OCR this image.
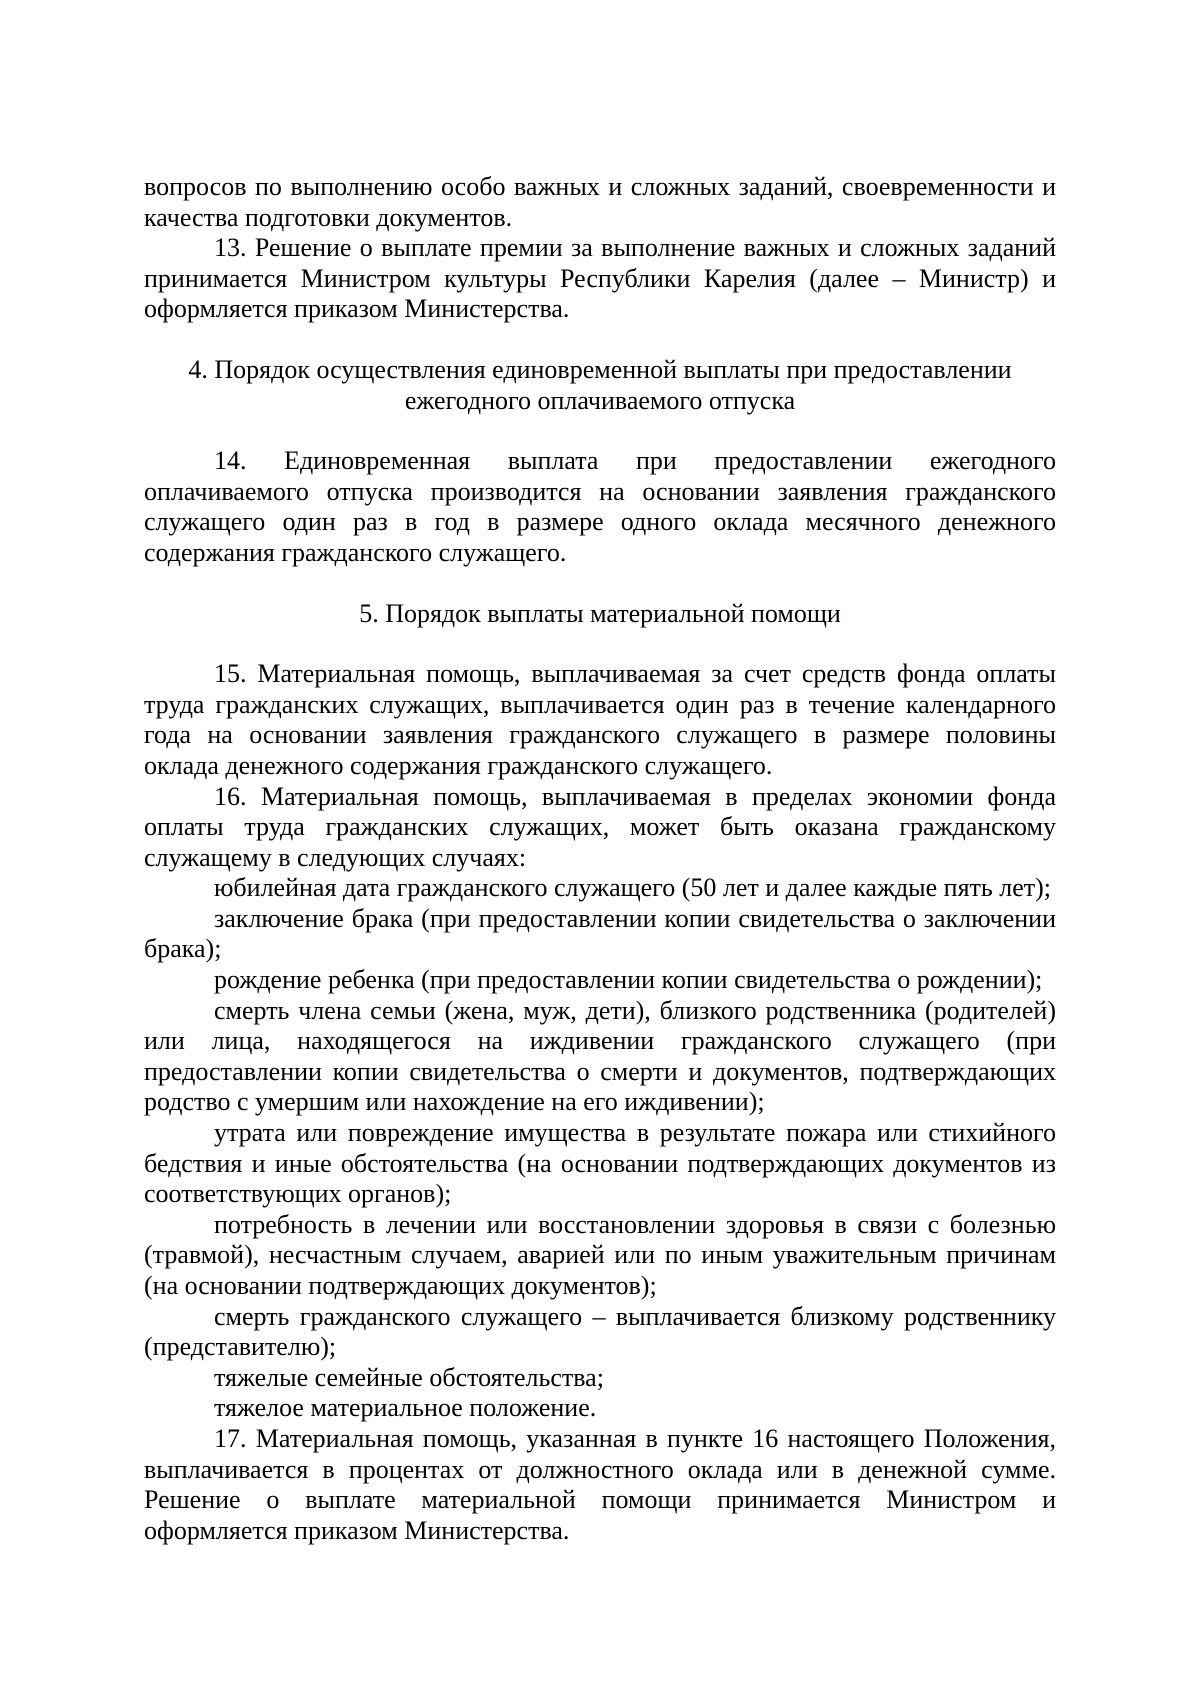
вопросов по выполнению особо важных и сложных заданий, своевременности и качества подготовки документов.

13. Решение о выплате премии за выполнение важных и сложных заданий принимается Министром культуры Республики Карелия (далее – Министр) и оформляется приказом Министерства.

4. Порядок осуществления единовременной выплаты при предоставлении
ежегодного оплачиваемого отпуска

14. Единовременная выплата при предоставлении ежегодного оплачиваемого отпуска производится на основании заявления гражданского служащего один раз в год в размере одного оклада месячного денежного содержания гражданского служащего.

5. Порядок выплаты материальной помощи

15. Материальная помощь, выплачиваемая за счет средств фонда оплаты труда гражданских служащих, выплачивается один раз в течение календарного года на основании заявления гражданского служащего в размере половины оклада денежного содержания гражданского служащего.

16. Материальная помощь, выплачиваемая в пределах экономии фонда оплаты труда гражданских служащих, может быть оказана гражданскому служащему в следующих случаях:

юбилейная дата гражданского служащего (50 лет и далее каждые пять лет);

заключение брака (при предоставлении копии свидетельства о заключении брака);

рождение ребенка (при предоставлении копии свидетельства о рождении);

смерть члена семьи (жена, муж, дети), близкого родственника (родителей) или лица, находящегося на иждивении гражданского служащего (при предоставлении копии свидетельства о смерти и документов, подтверждающих родство с умершим или нахождение на его иждивении);

утрата или повреждение имущества в результате пожара или стихийного бедствия и иные обстоятельства (на основании подтверждающих документов из соответствующих органов);

потребность в лечении или восстановлении здоровья в связи с болезнью (травмой), несчастным случаем, аварией или по иным уважительным причинам (на основании подтверждающих документов);

смерть гражданского служащего – выплачивается близкому родственнику (представителю);

тяжелые семейные обстоятельства;

тяжелое материальное положение.

17. Материальная помощь, указанная в пункте 16 настоящего Положения, выплачивается в процентах от должностного оклада или в денежной сумме. Решение о выплате материальной помощи принимается Министром и оформляется приказом Министерства.
